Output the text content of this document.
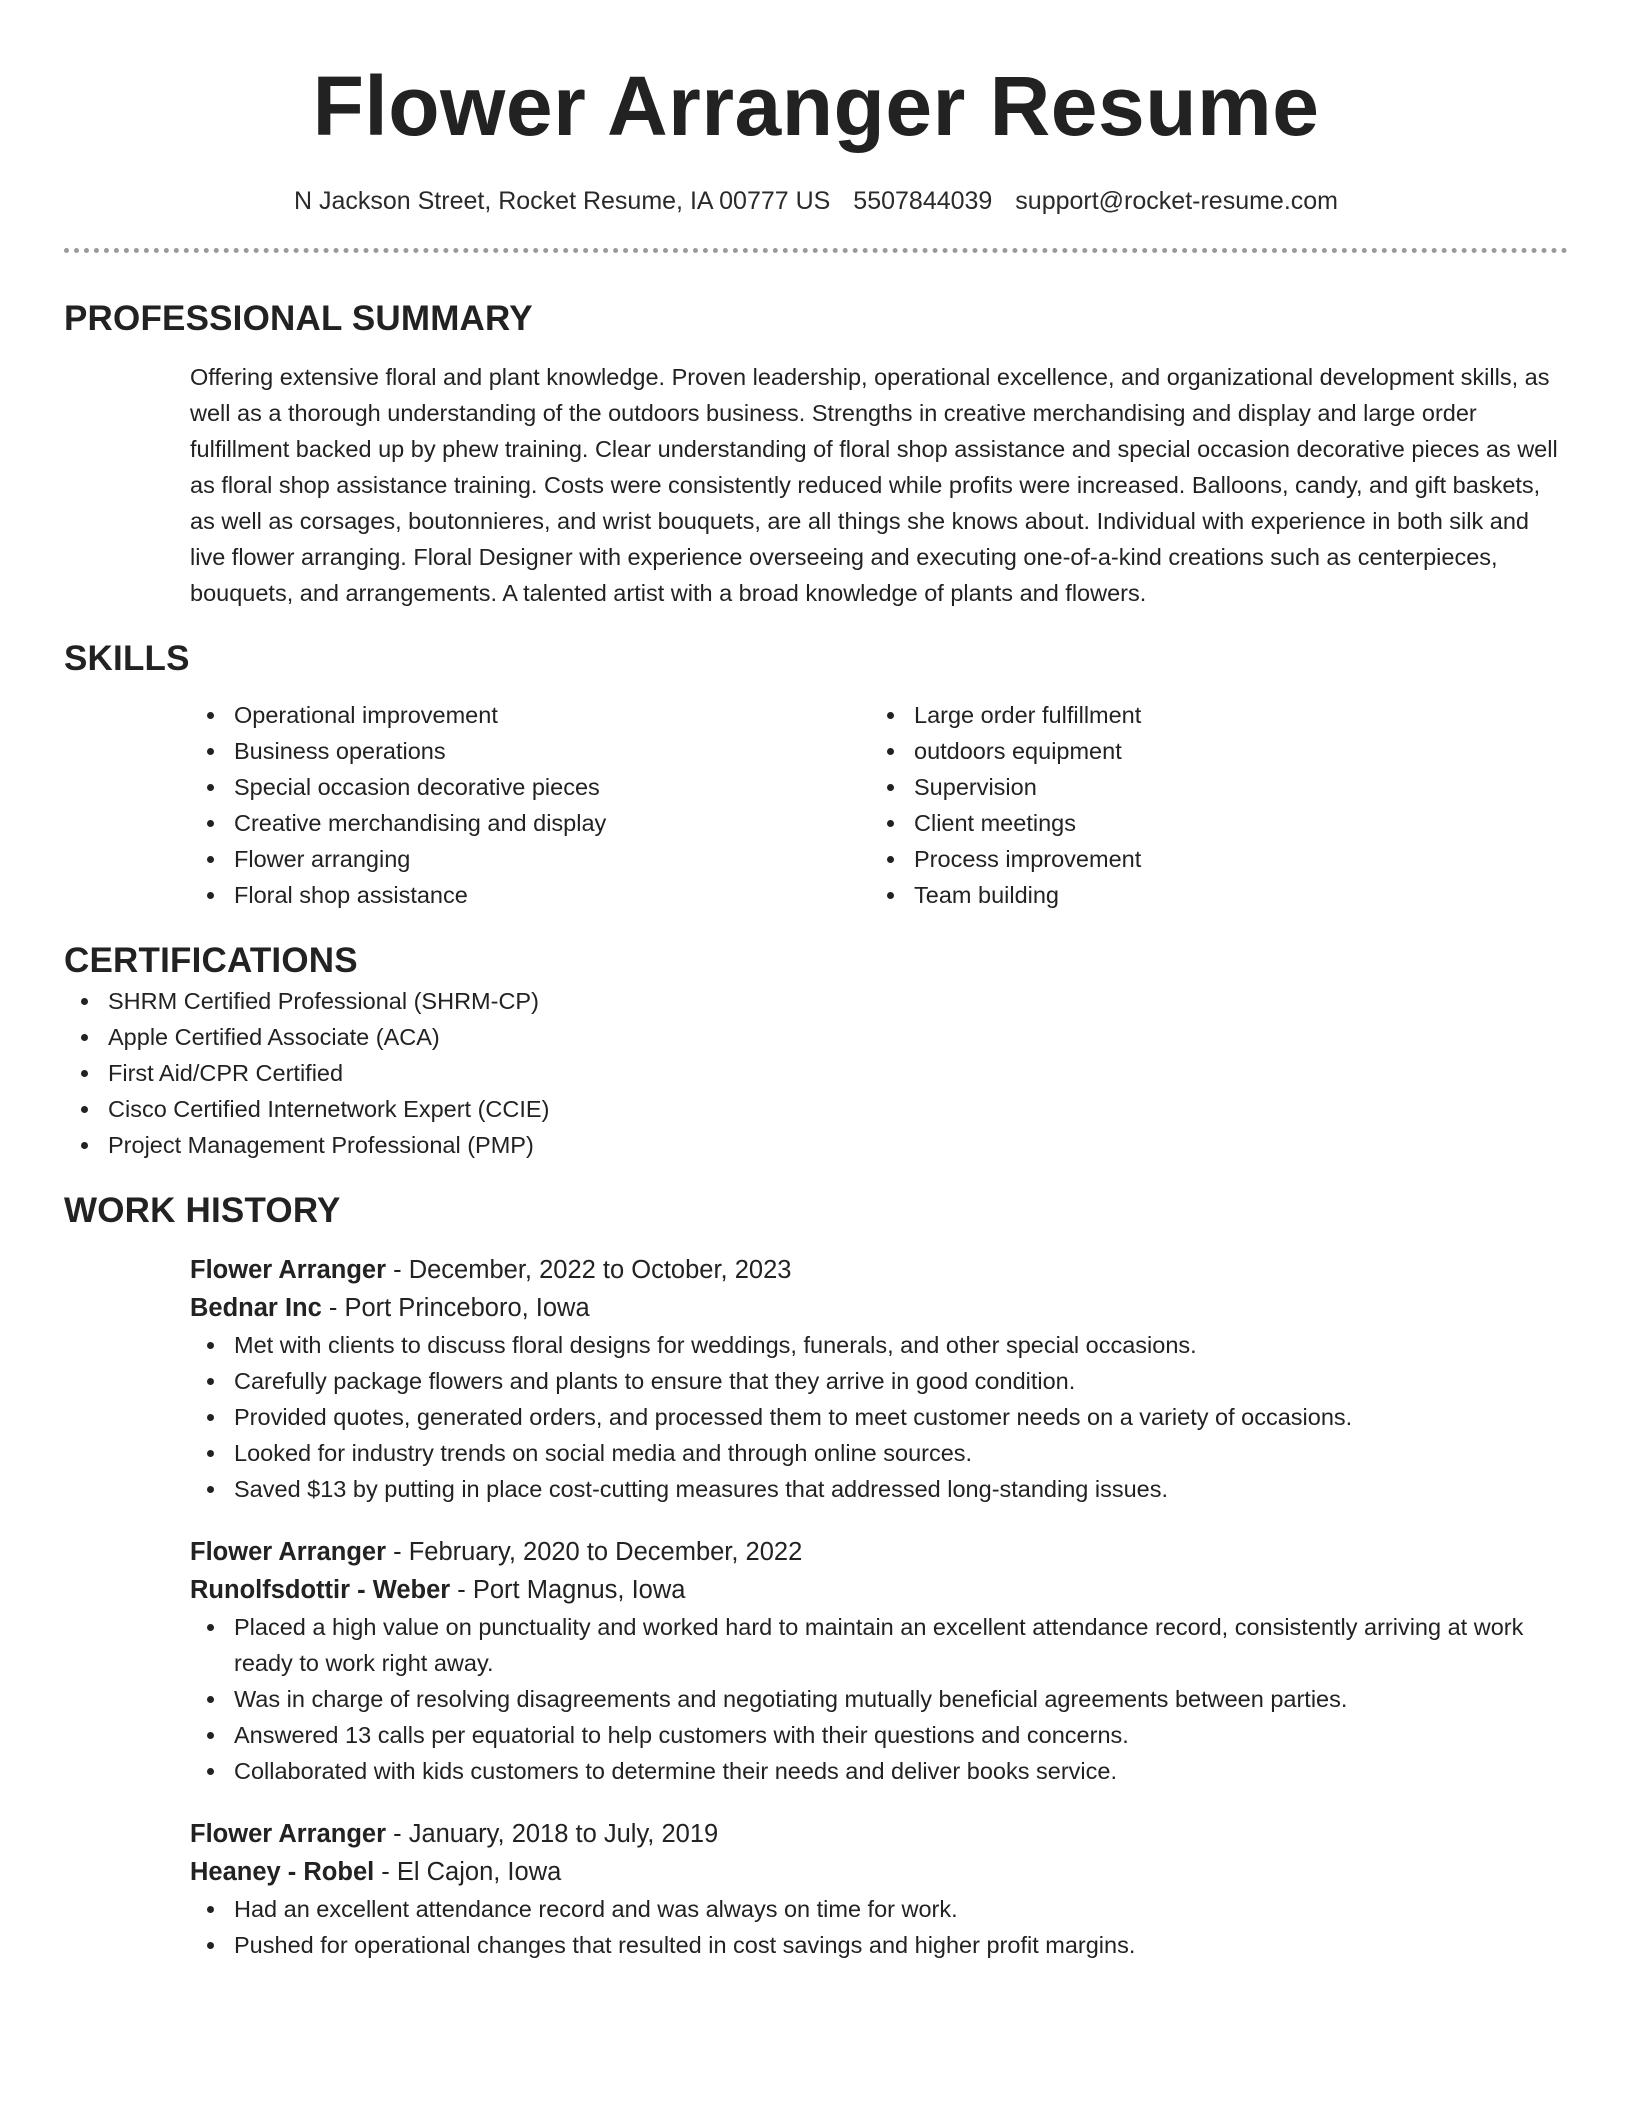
Flower Arranger Resume
N Jackson Street, Rocket Resume, IA 00777 US 5507844039 support@rocket-resume.com
PROFESSIONAL SUMMARY

Offering extensive floral and plant knowledge. Proven leadership, operational excellence, and organizational development skills, as well as a thorough understanding of the outdoors business. Strengths in creative merchandising and display and large order fulfillment backed up by phew training. Clear understanding of floral shop assistance and special occasion decorative pieces as well as floral shop assistance training. Costs were consistently reduced while profits were increased. Balloons, candy, and gift baskets, as well as corsages, boutonnieres, and wrist bouquets, are all things she knows about. Individual with experience in both silk and live flower arranging. Floral Designer with experience overseeing and executing one-of-a-kind creations such as centerpieces, bouquets, and arrangements. A talented artist with a broad knowledge of plants and flowers.

SKILLS
Operational improvement
Business operations
Special occasion decorative pieces
Creative merchandising and display
Flower arranging
Floral shop assistance
Large order fulfillment
outdoors equipment
Supervision
Client meetings
Process improvement
Team building
CERTIFICATIONS
SHRM Certified Professional (SHRM-CP)
Apple Certified Associate (ACA)
First Aid/CPR Certified
Cisco Certified Internetwork Expert (CCIE)
Project Management Professional (PMP)
WORK HISTORY
Flower Arranger - December, 2022 to October, 2023
Bednar Inc - Port Princeboro, Iowa
Met with clients to discuss floral designs for weddings, funerals, and other special occasions.
Carefully package flowers and plants to ensure that they arrive in good condition.
Provided quotes, generated orders, and processed them to meet customer needs on a variety of occasions.
Looked for industry trends on social media and through online sources.
Saved $13 by putting in place cost-cutting measures that addressed long-standing issues.
Flower Arranger - February, 2020 to December, 2022
Runolfsdottir - Weber - Port Magnus, Iowa
Placed a high value on punctuality and worked hard to maintain an excellent attendance record, consistently arriving at work ready to work right away.
Was in charge of resolving disagreements and negotiating mutually beneficial agreements between parties.
Answered 13 calls per equatorial to help customers with their questions and concerns.
Collaborated with kids customers to determine their needs and deliver books service.
Flower Arranger - January, 2018 to July, 2019
Heaney - Robel - El Cajon, Iowa
Had an excellent attendance record and was always on time for work.
Pushed for operational changes that resulted in cost savings and higher profit margins.
